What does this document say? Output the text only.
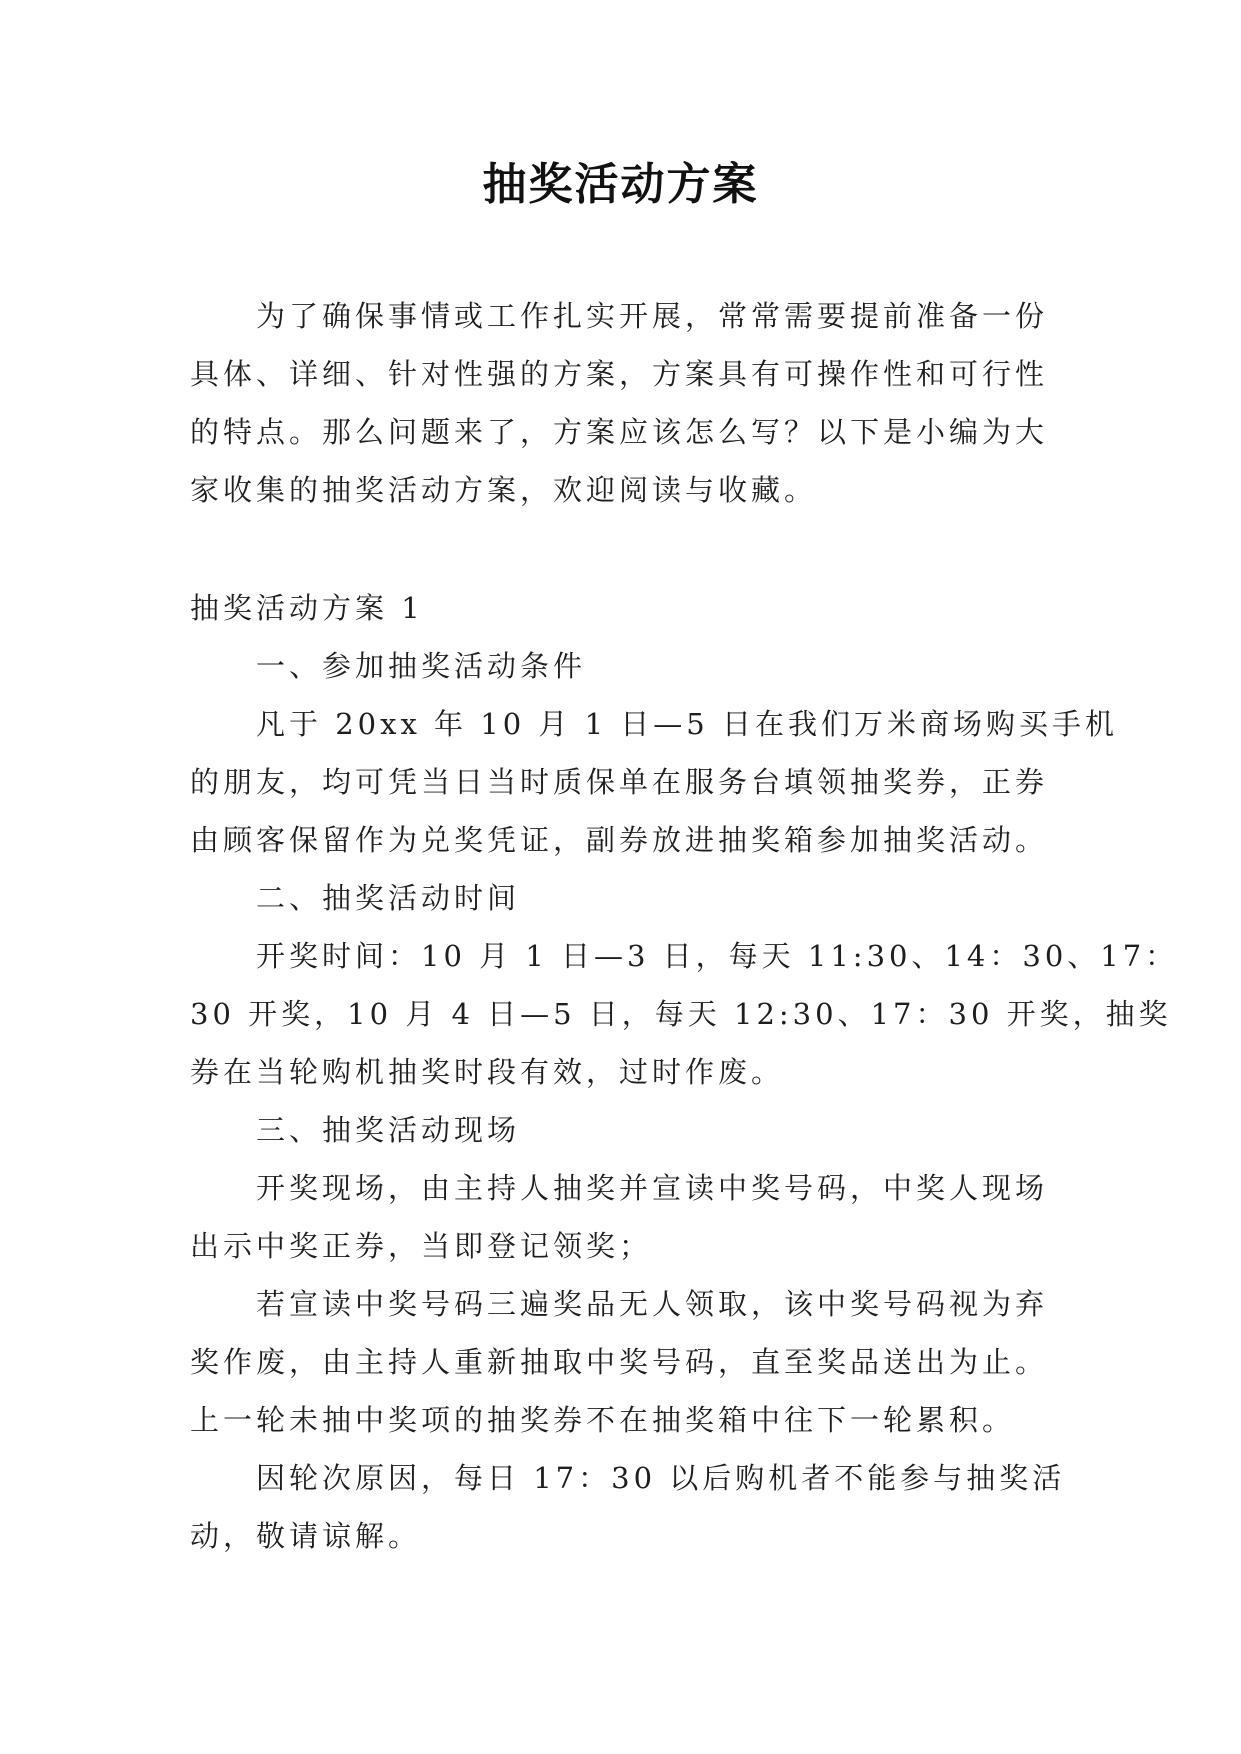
抽奖活动方案
为了确保事情或工作扎实开展，常常需要提前准备一份
具体、详细、针对性强的方案，方案具有可操作性和可行性
的特点。那么问题来了，方案应该怎么写？以下是小编为大
家收集的抽奖活动方案，欢迎阅读与收藏。
抽奖活动方案 1
一、参加抽奖活动条件
凡于 20xx 年 10 月 1 日—5 日在我们万米商场购买手机
的朋友，均可凭当日当时质保单在服务台填领抽奖券，正券
由顾客保留作为兑奖凭证，副券放进抽奖箱参加抽奖活动。
二、抽奖活动时间
开奖时间：10 月 1 日—3 日，每天 11:30、14：30、17：
30 开奖，10 月 4 日—5 日，每天 12:30、17：30 开奖，抽奖
券在当轮购机抽奖时段有效，过时作废。
三、抽奖活动现场
开奖现场，由主持人抽奖并宣读中奖号码，中奖人现场
出示中奖正券，当即登记领奖；
若宣读中奖号码三遍奖品无人领取，该中奖号码视为弃
奖作废，由主持人重新抽取中奖号码，直至奖品送出为止。
上一轮未抽中奖项的抽奖券不在抽奖箱中往下一轮累积。
因轮次原因，每日 17：30 以后购机者不能参与抽奖活
动，敬请谅解。
